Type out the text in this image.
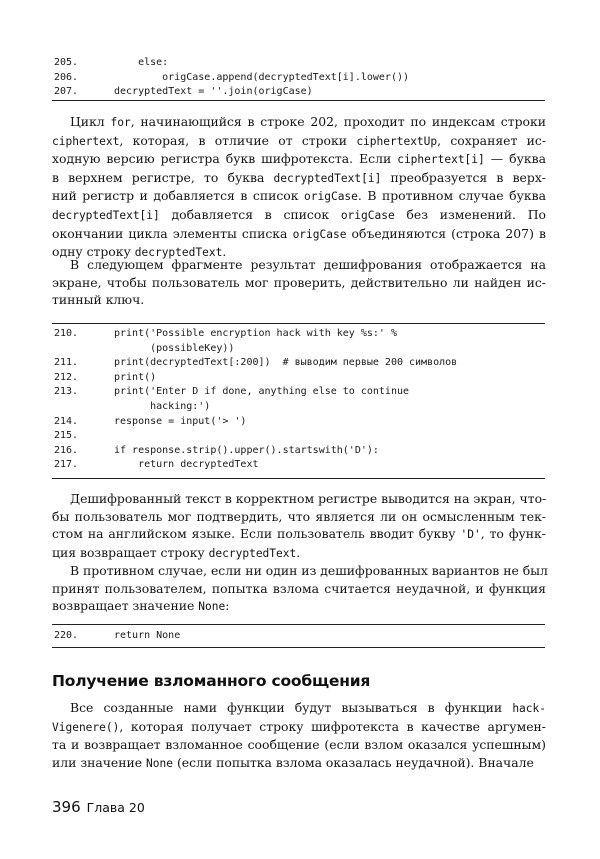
Цикл for, начинающийся в строке 202, проходит по индексам строки
ciphertext, которая, в отличие от строки ciphertextUp, сохраняет ис-
ходную версию регистра букв шифротекста. Если ciphertext[i] — буква
в верхнем регистре, то буква decryptedText[i] преобразуется в верх-
ний регистр и добавляется в список origCase. В противном случае буква
decryptedText[i] добавляется в список origCase без изменений. По
окончании цикла элементы списка origCase объединяются (строка 207) в
одну строку decryptedText.
В следующем фрагменте результат дешифрования отображается на
экране, чтобы пользователь мог проверить, действительно ли найден ис-
тинный ключ.
Дешифрованный текст в корректном регистре выводится на экран, что-
бы пользователь мог подтвердить, что является ли он осмысленным тек-
стом на английском языке. Если пользователь вводит букву 'D', то функ-
ция возвращает строку decryptedText.
В противном случае, если ни один из дешифрованных вариантов не был
принят пользователем, попытка взлома считается неудачной, и функция
возвращает значение None:
Получение взломанного сообщения
Все созданные нами функции будут вызываться в функции hack-
Vigenere(), которая получает строку шифротекста в качестве аргумен-
та и возвращает взломанное сообщение (если взлом оказался успешным)
или значение None (если попытка взлома оказалась неудачной). Вначале
396 Глава 20
205.	else:
206.	origCase.append(decryptedText[i].lower())
207.	decryptedText = ''.join(origCase)
210.	print('Possible encryption hack with key %s:' %
(possibleKey))
211.	print(decryptedText[:200])  # выводим первые 200 символов
212.	print()
213.	print('Enter D if done, anything else to continue
hacking:')
214.	response = input('> ')
215.
216.	if response.strip().upper().startswith('D'):
217.	return decryptedText
220.	return None
